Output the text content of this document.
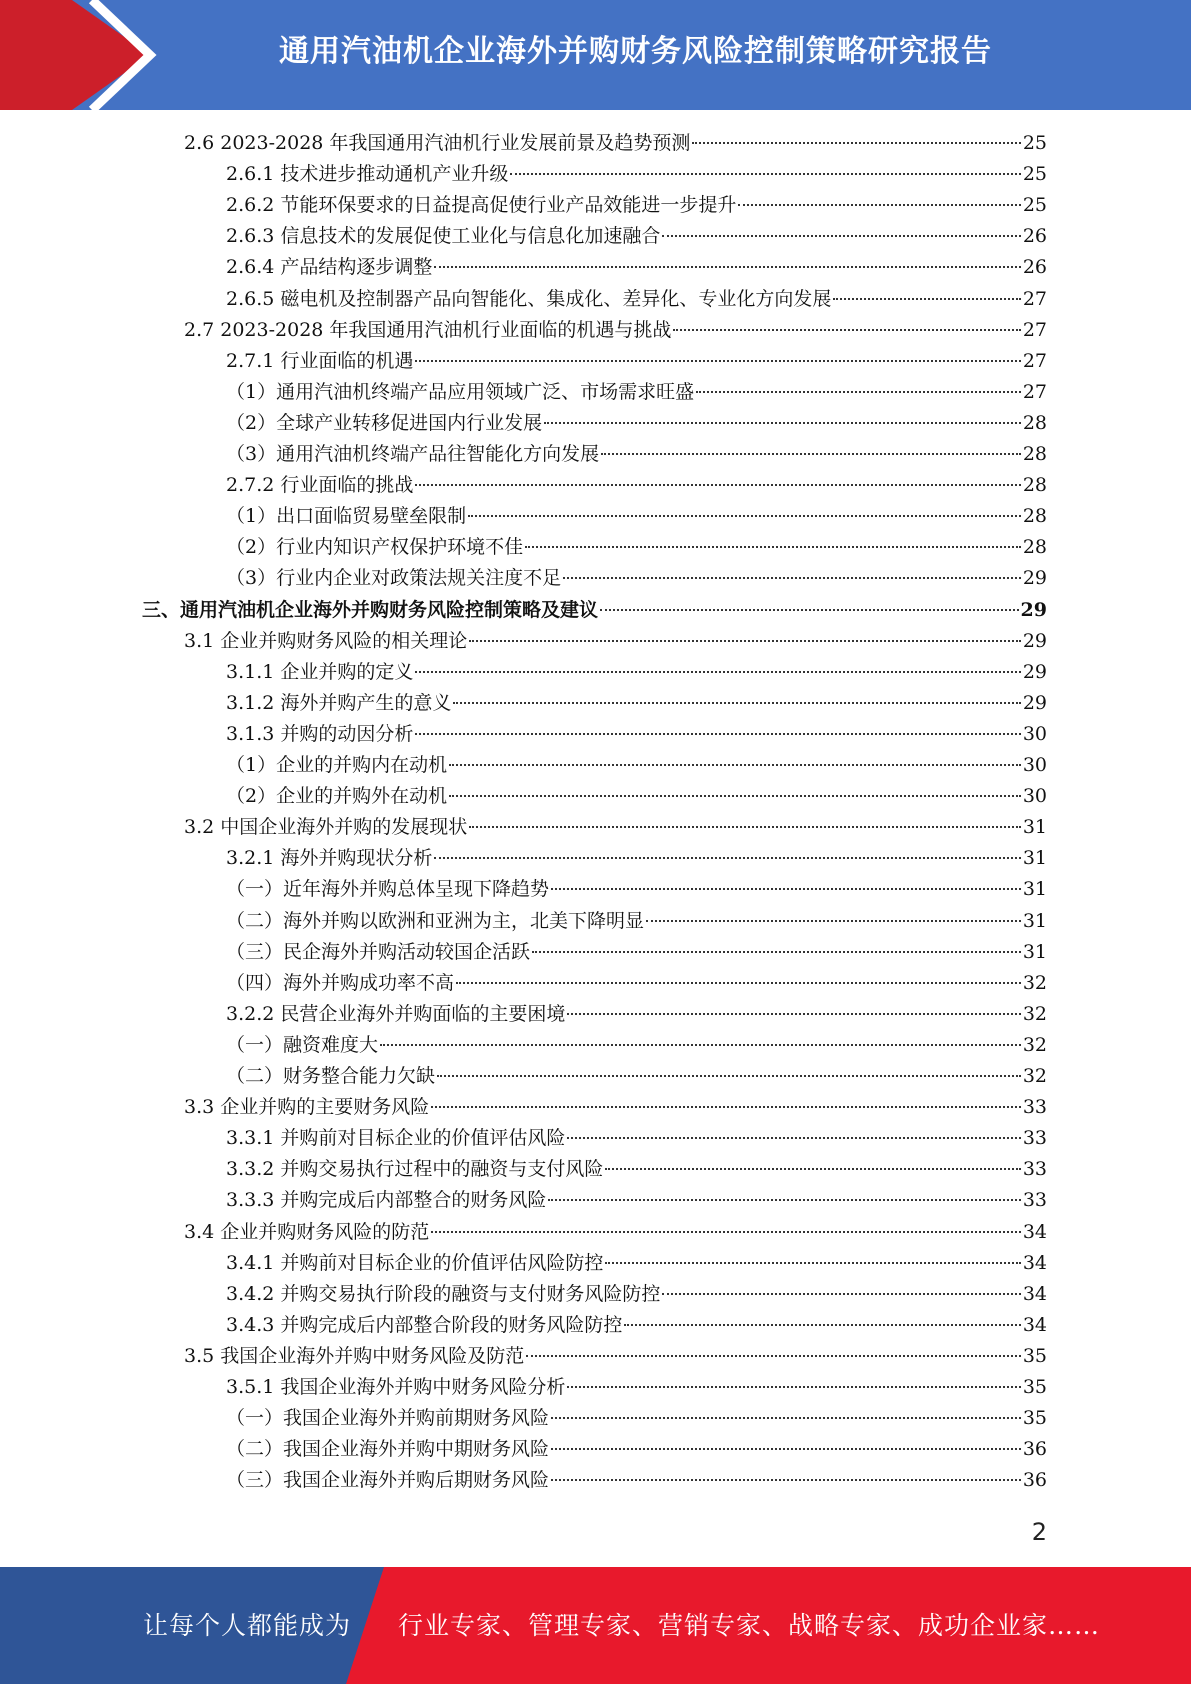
通用汽油机企业海外并购财务风险控制策略研究报告
2.6 2023-2028 年我国通用汽油机行业发展前景及趋势预测	25
2.6.1 技术进步推动通机产业升级	25
2.6.2 节能环保要求的日益提高促使行业产品效能进一步提升	25
2.6.3 信息技术的发展促使工业化与信息化加速融合	26
2.6.4 产品结构逐步调整	26
2.6.5 磁电机及控制器产品向智能化、集成化、差异化、专业化方向发展	27
2.7 2023-2028 年我国通用汽油机行业面临的机遇与挑战	27
2.7.1 行业面临的机遇	27
（1）通用汽油机终端产品应用领域广泛、市场需求旺盛	27
（2）全球产业转移促进国内行业发展	28
（3）通用汽油机终端产品往智能化方向发展	28
2.7.2 行业面临的挑战	28
（1）出口面临贸易壁垒限制	28
（2）行业内知识产权保护环境不佳	28
（3）行业内企业对政策法规关注度不足	29
三、通用汽油机企业海外并购财务风险控制策略及建议	29
3.1 企业并购财务风险的相关理论	29
3.1.1 企业并购的定义	29
3.1.2 海外并购产生的意义	29
3.1.3 并购的动因分析	30
（1）企业的并购内在动机	30
（2）企业的并购外在动机	30
3.2 中国企业海外并购的发展现状	31
3.2.1 海外并购现状分析	31
（一）近年海外并购总体呈现下降趋势	31
（二）海外并购以欧洲和亚洲为主，北美下降明显	31
（三）民企海外并购活动较国企活跃	31
（四）海外并购成功率不高	32
3.2.2 民营企业海外并购面临的主要困境	32
（一）融资难度大	32
（二）财务整合能力欠缺	32
3.3 企业并购的主要财务风险	33
3.3.1 并购前对目标企业的价值评估风险	33
3.3.2 并购交易执行过程中的融资与支付风险	33
3.3.3 并购完成后内部整合的财务风险	33
3.4 企业并购财务风险的防范	34
3.4.1 并购前对目标企业的价值评估风险防控	34
3.4.2 并购交易执行阶段的融资与支付财务风险防控	34
3.4.3 并购完成后内部整合阶段的财务风险防控	34
3.5 我国企业海外并购中财务风险及防范	35
3.5.1 我国企业海外并购中财务风险分析	35
（一）我国企业海外并购前期财务风险	35
（二）我国企业海外并购中期财务风险	36
（三）我国企业海外并购后期财务风险	36
2
让每个人都能成为 行业专家、管理专家、营销专家、战略专家、成功企业家……
